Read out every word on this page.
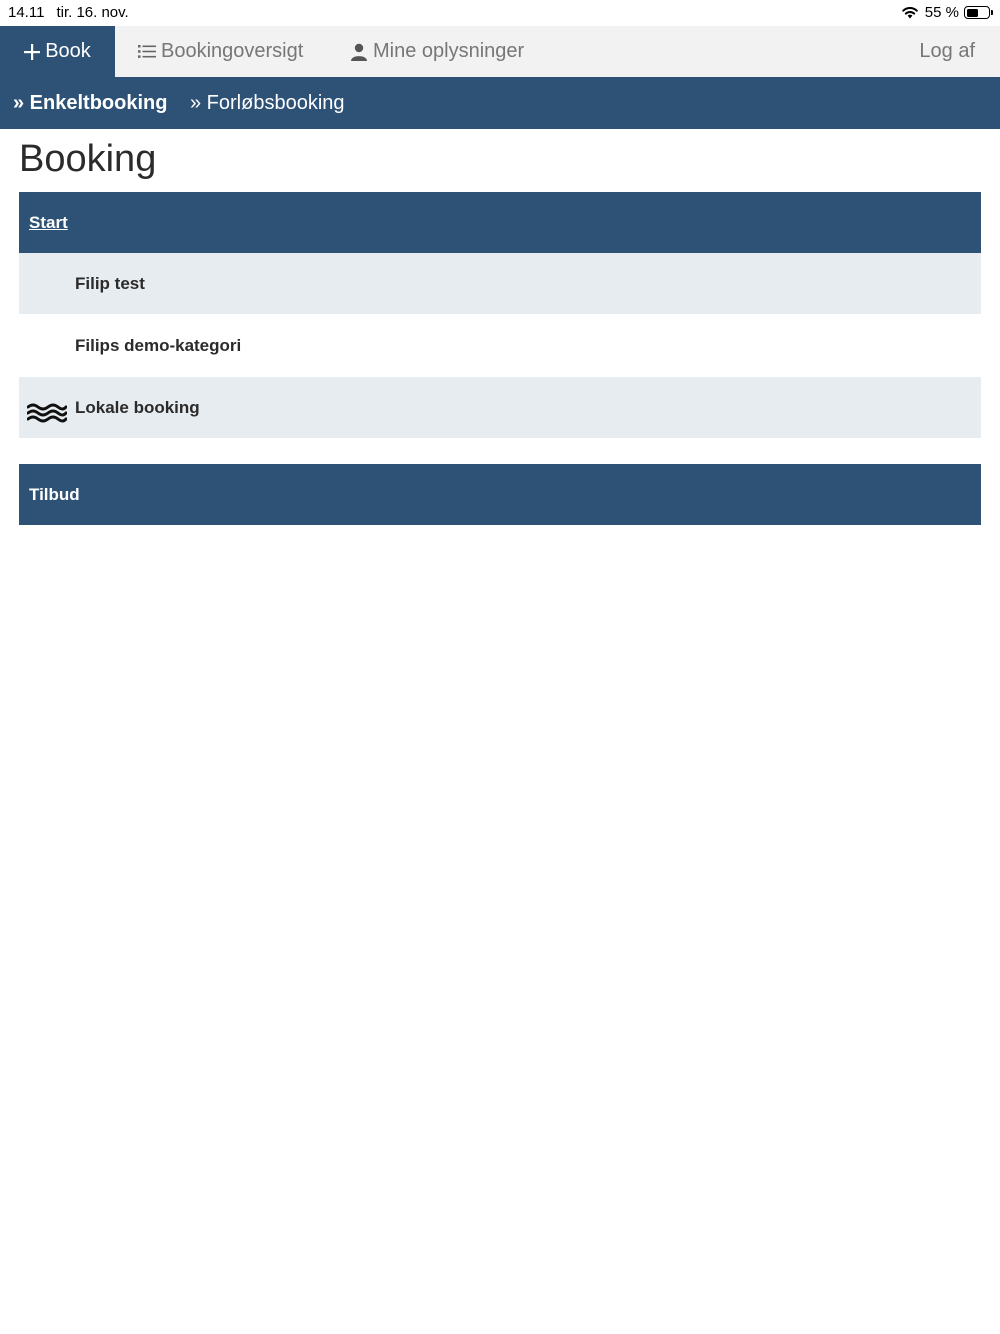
14.11 tir. 16. nov.	55 %
Book	Bookingoversigt	Mine oplysninger	Log af
» Enkeltbooking » Forløbsbooking
Booking
Start
Filip test
Filips demo-kategori
Lokale booking
Tilbud
